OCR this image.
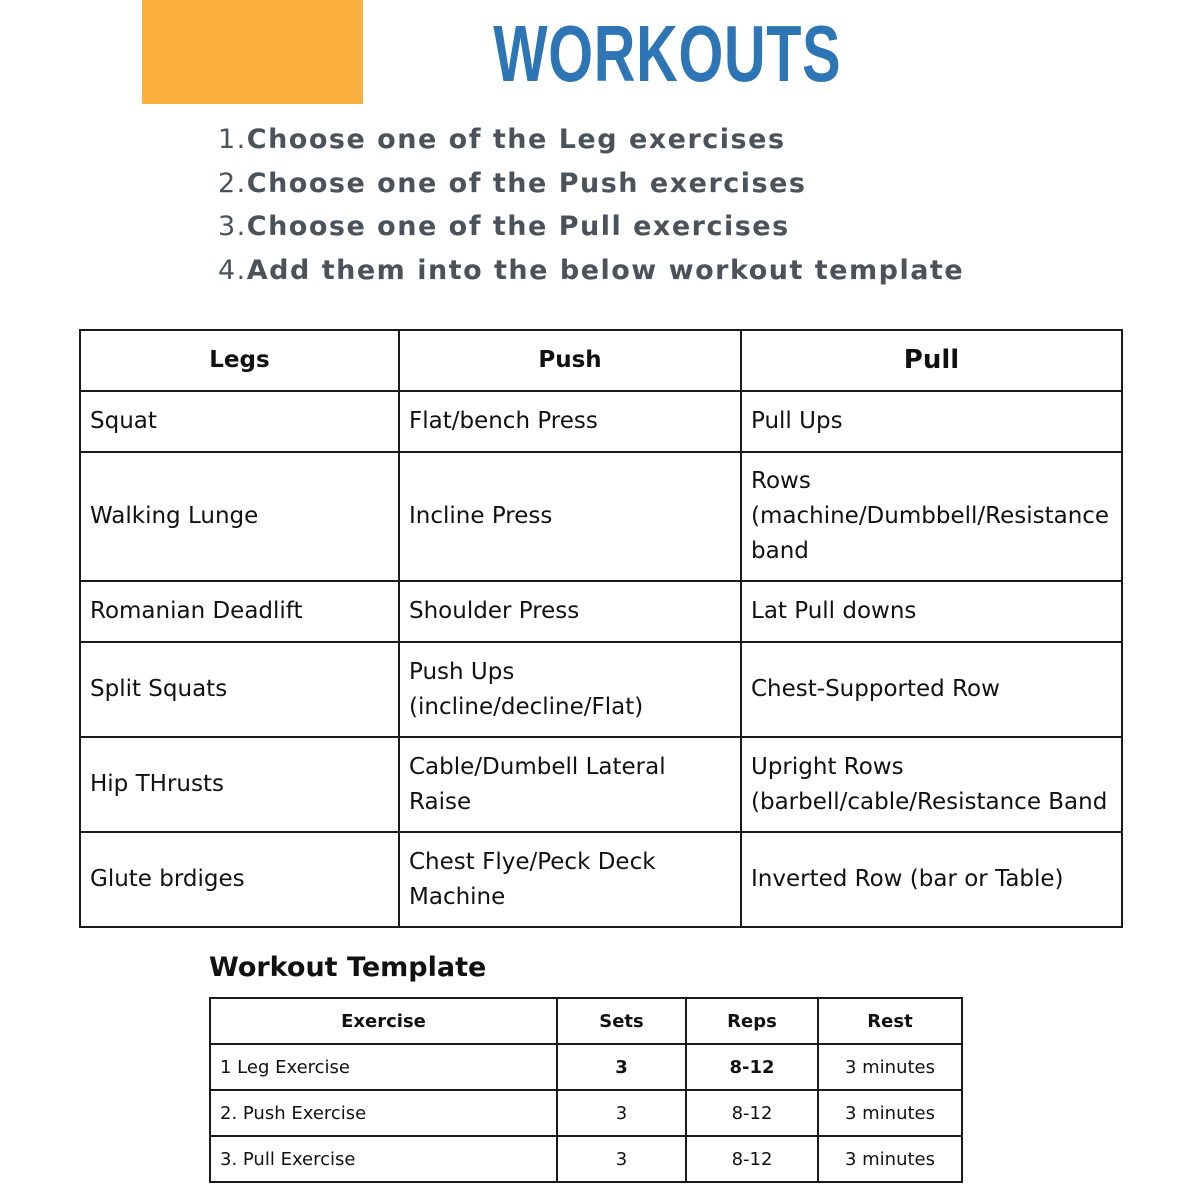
WORKOUTS
1.Choose one of the Leg exercises
2.Choose one of the Push exercises
3.Choose one of the Pull exercises
4.Add them into the below workout template
Legs	Push	Pull
Squat	Flat/bench Press	Pull Ups
Walking Lunge	Incline Press	Rows (machine/Dumbbell/Resistance band
Romanian Deadlift	Shoulder Press	Lat Pull downs
Split Squats	Push Ups (incline/decline/Flat)	Chest-Supported Row
Hip THrusts	Cable/Dumbell Lateral Raise	Upright Rows (barbell/cable/Resistance Band
Glute brdiges	Chest Flye/Peck Deck Machine	Inverted Row (bar or Table)
Workout Template
Exercise	Sets	Reps	Rest
1 Leg Exercise	3	8-12	3 minutes
2. Push Exercise	3	8-12	3 minutes
3. Pull Exercise	3	8-12	3 minutes
